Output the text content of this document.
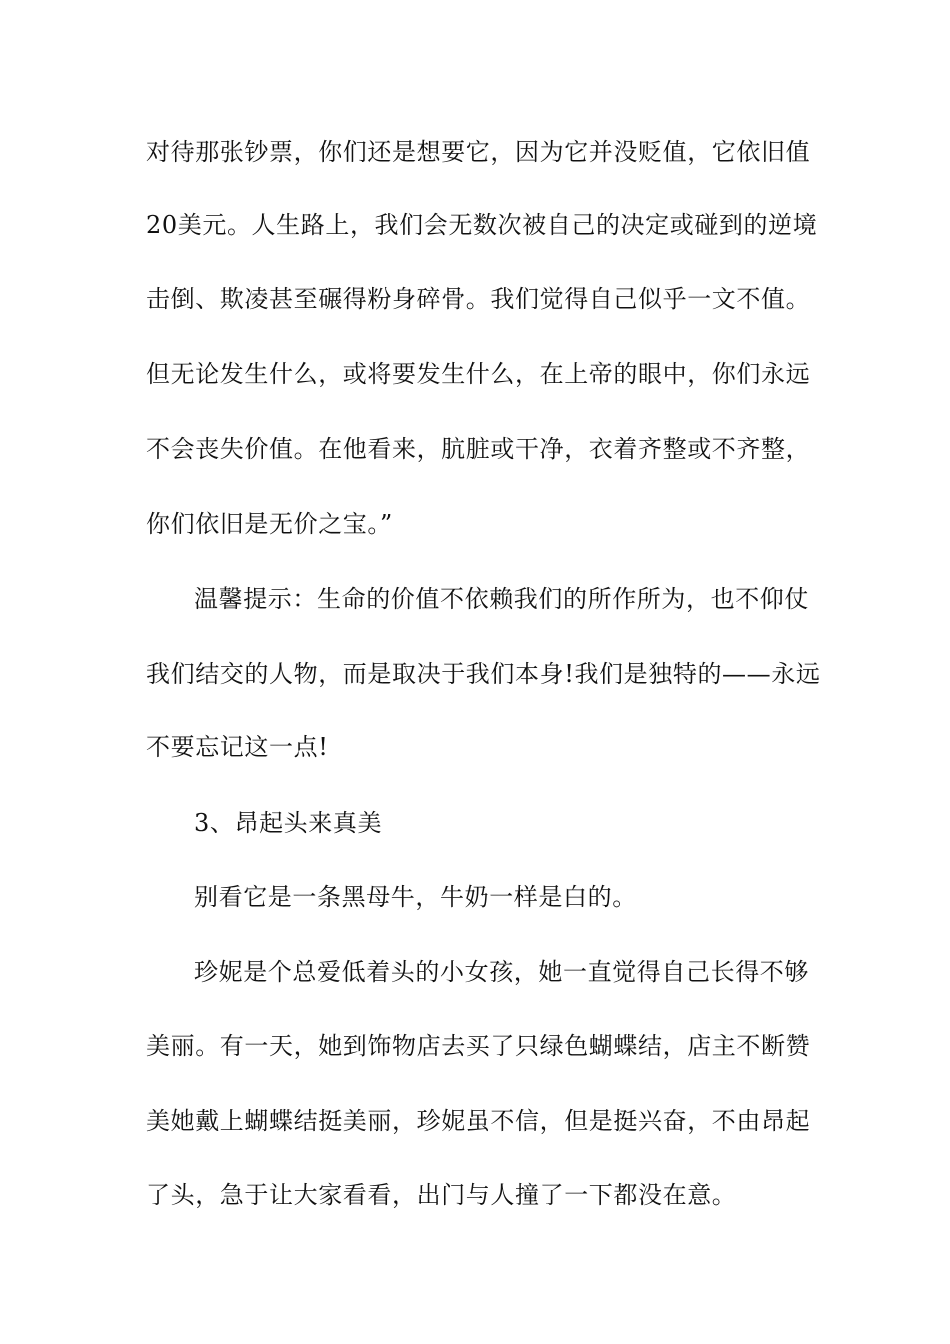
对待那张钞票，你们还是想要它，因为它并没贬值，它依旧值
20美元。人生路上，我们会无数次被自己的决定或碰到的逆境
击倒、欺凌甚至碾得粉身碎骨。我们觉得自己似乎一文不值。
但无论发生什么，或将要发生什么，在上帝的眼中，你们永远
不会丧失价值。在他看来，肮脏或干净，衣着齐整或不齐整，
你们依旧是无价之宝。”
温馨提示：生命的价值不依赖我们的所作所为，也不仰仗
我们结交的人物，而是取决于我们本身!我们是独特的——永远
不要忘记这一点!
3、昂起头来真美
别看它是一条黑母牛，牛奶一样是白的。
珍妮是个总爱低着头的小女孩，她一直觉得自己长得不够
美丽。有一天，她到饰物店去买了只绿色蝴蝶结，店主不断赞
美她戴上蝴蝶结挺美丽，珍妮虽不信，但是挺兴奋，不由昂起
了头，急于让大家看看，出门与人撞了一下都没在意。
